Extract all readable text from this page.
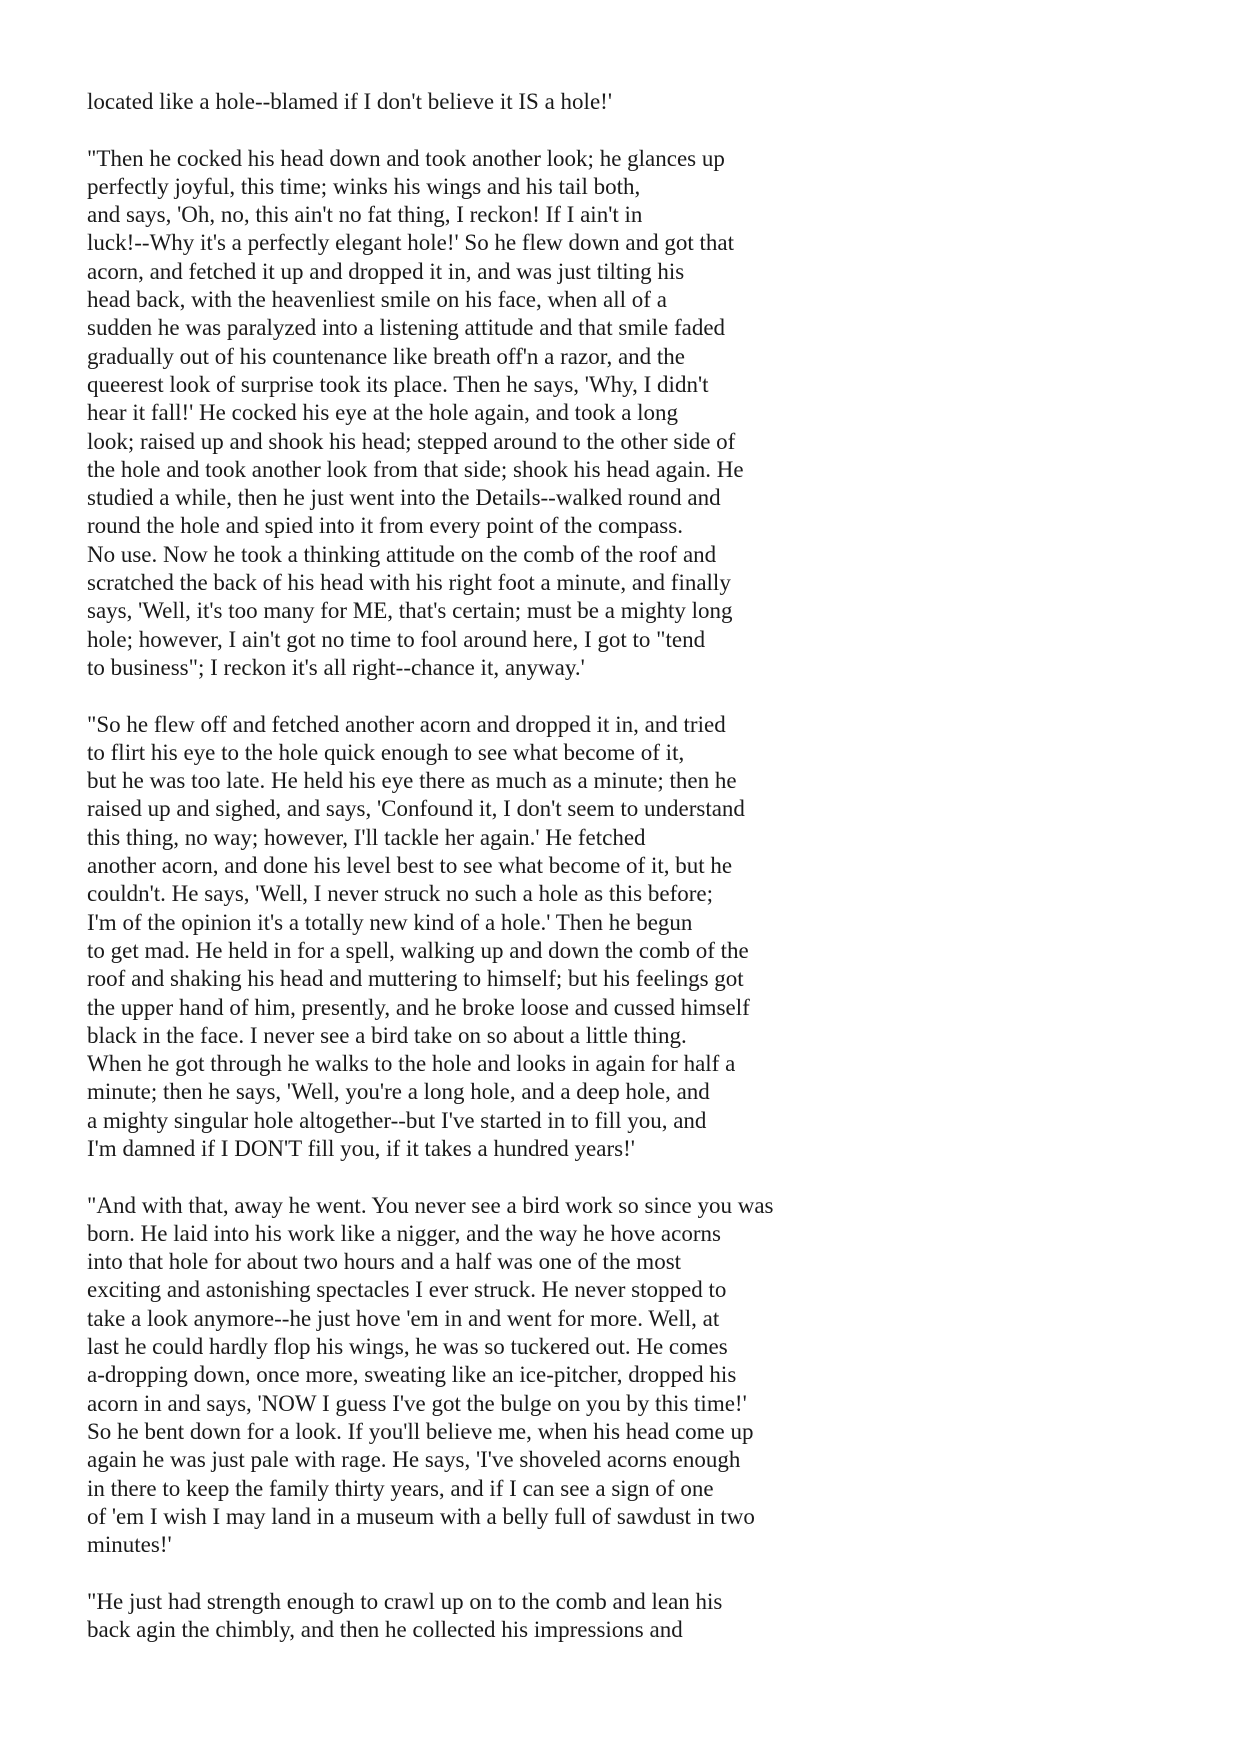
located like a hole--blamed if I don't believe it IS a hole!'
"Then he cocked his head down and took another look; he glances up
perfectly joyful, this time; winks his wings and his tail both,
and says, 'Oh, no, this ain't no fat thing, I reckon! If I ain't in
luck!--Why it's a perfectly elegant hole!' So he flew down and got that
acorn, and fetched it up and dropped it in, and was just tilting his
head back, with the heavenliest smile on his face, when all of a
sudden he was paralyzed into a listening attitude and that smile faded
gradually out of his countenance like breath off'n a razor, and the
queerest look of surprise took its place. Then he says, 'Why, I didn't
hear it fall!' He cocked his eye at the hole again, and took a long
look; raised up and shook his head; stepped around to the other side of
the hole and took another look from that side; shook his head again. He
studied a while, then he just went into the Details--walked round and
round the hole and spied into it from every point of the compass.
No use. Now he took a thinking attitude on the comb of the roof and
scratched the back of his head with his right foot a minute, and finally
says, 'Well, it's too many for ME, that's certain; must be a mighty long
hole; however, I ain't got no time to fool around here, I got to "tend
to business"; I reckon it's all right--chance it, anyway.'
"So he flew off and fetched another acorn and dropped it in, and tried
to flirt his eye to the hole quick enough to see what become of it,
but he was too late. He held his eye there as much as a minute; then he
raised up and sighed, and says, 'Confound it, I don't seem to understand
this thing, no way; however, I'll tackle her again.' He fetched
another acorn, and done his level best to see what become of it, but he
couldn't. He says, 'Well, I never struck no such a hole as this before;
I'm of the opinion it's a totally new kind of a hole.' Then he begun
to get mad. He held in for a spell, walking up and down the comb of the
roof and shaking his head and muttering to himself; but his feelings got
the upper hand of him, presently, and he broke loose and cussed himself
black in the face. I never see a bird take on so about a little thing.
When he got through he walks to the hole and looks in again for half a
minute; then he says, 'Well, you're a long hole, and a deep hole, and
a mighty singular hole altogether--but I've started in to fill you, and
I'm damned if I DON'T fill you, if it takes a hundred years!'
"And with that, away he went. You never see a bird work so since you was
born. He laid into his work like a nigger, and the way he hove acorns
into that hole for about two hours and a half was one of the most
exciting and astonishing spectacles I ever struck. He never stopped to
take a look anymore--he just hove 'em in and went for more. Well, at
last he could hardly flop his wings, he was so tuckered out. He comes
a-dropping down, once more, sweating like an ice-pitcher, dropped his
acorn in and says, 'NOW I guess I've got the bulge on you by this time!'
So he bent down for a look. If you'll believe me, when his head come up
again he was just pale with rage. He says, 'I've shoveled acorns enough
in there to keep the family thirty years, and if I can see a sign of one
of 'em I wish I may land in a museum with a belly full of sawdust in two
minutes!'
"He just had strength enough to crawl up on to the comb and lean his
back agin the chimbly, and then he collected his impressions and
